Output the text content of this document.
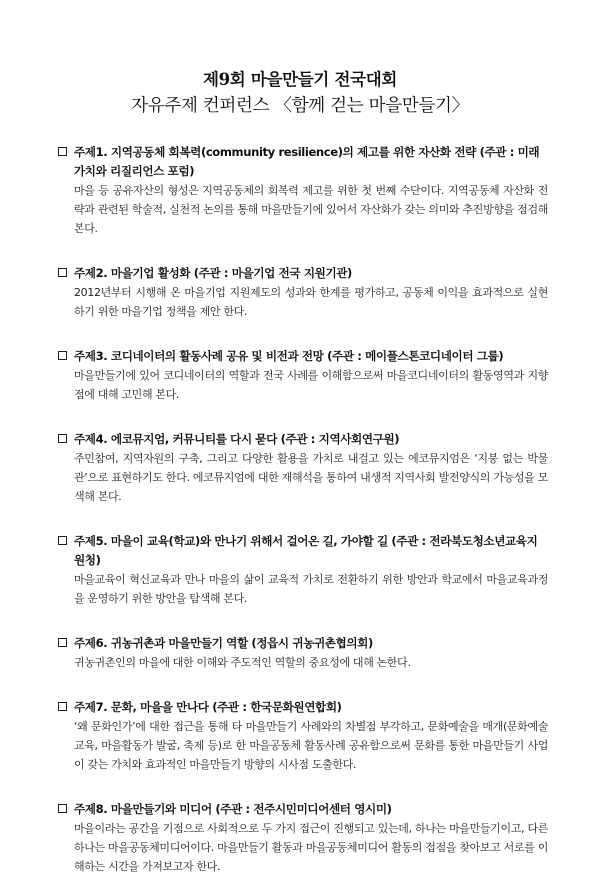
제9회 마을만들기 전국대회
자유주제 컨퍼런스 〈함께 걷는 마을만들기〉
주제1. 지역공동체 회복력(community resilience)의 제고를 위한 자산화 전략 (주관 : 미래가치와 리질리언스 포럼)
마을 등 공유자산의 형성은 지역공동체의 회복력 제고를 위한 첫 번째 수단이다. 지역공동체 자산화 전략과 관련된 학술적, 실천적 논의를 통해 마을만들기에 있어서 자산화가 갖는 의미와 추진방향을 점검해 본다.
주제2. 마을기업 활성화 (주관 : 마을기업 전국 지원기관)
2012년부터 시행해 온 마을기업 지원제도의 성과와 한계를 평가하고, 공동체 이익을 효과적으로 실현하기 위한 마을기업 정책을 제안 한다.
주제3. 코디네이터의 활동사례 공유 및 비전과 전망 (주관 : 메이플스톤코디네이터 그룹)
마을만들기에 있어 코디네이터의 역할과 전국 사례를 이해함으로써 마을코디네이터의 활동영역과 지향점에 대해 고민해 본다.
주제4. 에코뮤지엄, 커뮤니티를 다시 묻다 (주관 : 지역사회연구원)
주민참여, 지역자원의 구축, 그리고 다양한 활용을 가치로 내걸고 있는 에코뮤지엄은 ‘지붕 없는 박물관’으로 표현하기도 한다. 에코뮤지엄에 대한 재해석을 통하여 내생적 지역사회 발전양식의 가능성을 모색해 본다.
주제5. 마을이 교육(학교)와 만나기 위해서 걸어온 길, 가야할 길 (주관 : 전라북도청소년교육지원청)
마을교육이 혁신교육과 만나 마을의 삶이 교육적 가치로 전환하기 위한 방안과 학교에서 마을교육과정을 운영하기 위한 방안을 탐색해 본다.
주제6. 귀농귀촌과 마을만들기 역할 (정읍시 귀농귀촌협의회)
귀농귀촌인의 마을에 대한 이해와 주도적인 역할의 중요성에 대해 논한다.
주제7. 문화, 마을을 만나다 (주관 : 한국문화원연합회)
‘왜 문화인가’에 대한 접근을 통해 타 마을만들기 사례와의 차별점 부각하고, 문화예술을 매개(문화예술교육, 마을활동가 발굴, 축제 등)로 한 마을공동체 활동사례 공유함으로써 문화를 통한 마을만들기 사업이 갖는 가치와 효과적인 마을만들기 방향의 시사점 도출한다.
주제8. 마을만들기와 미디어 (주관 : 전주시민미디어센터 영시미)
마을이라는 공간을 기점으로 사회적으로 두 가지 접근이 진행되고 있는데, 하나는 마을만들기이고, 다른 하나는 마을공동체미디어이다. 마을만들기 활동과 마을공동체미디어 활동의 접점을 찾아보고 서로를 이해하는 시간을 가져보고자 한다.
